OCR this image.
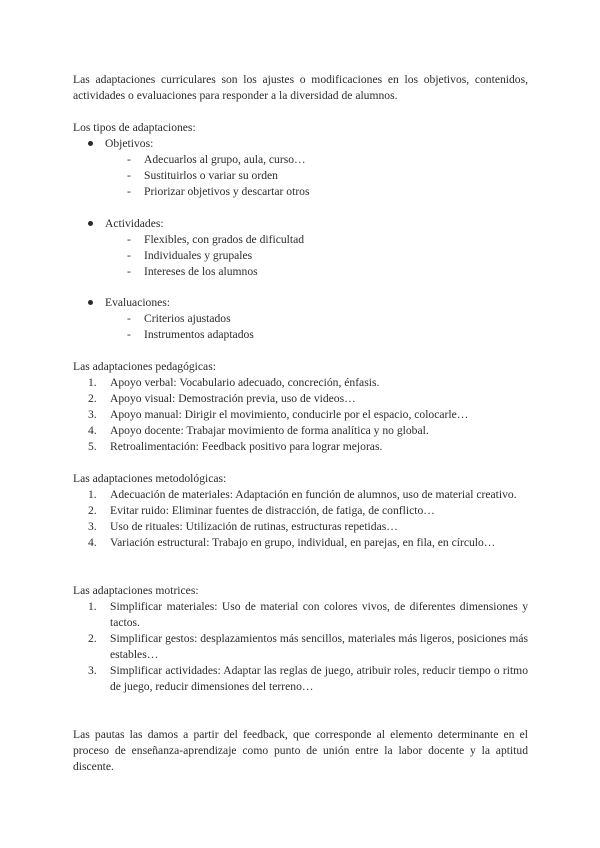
Las adaptaciones curriculares son los ajustes o modificaciones en los objetivos, contenidos, actividades o evaluaciones para responder a la diversidad de alumnos.

Los tipos de adaptaciones:

Objetivos:
- Adecuarlos al grupo, aula, curso…
- Sustituirlos o variar su orden
- Priorizar objetivos y descartar otros
Actividades:
- Flexibles, con grados de dificultad
- Individuales y grupales
- Intereses de los alumnos
Evaluaciones:
- Criterios ajustados
- Instrumentos adaptados

Las adaptaciones pedagógicas:

1. Apoyo verbal: Vocabulario adecuado, concreción, énfasis.
2. Apoyo visual: Demostración previa, uso de videos…
3. Apoyo manual: Dirigir el movimiento, conducirle por el espacio, colocarle…
4. Apoyo docente: Trabajar movimiento de forma analítica y no global.
5. Retroalimentación: Feedback positivo para lograr mejoras.

Las adaptaciones metodológicas:

1. Adecuación de materiales: Adaptación en función de alumnos, uso de material creativo.
2. Evitar ruido: Eliminar fuentes de distracción, de fatiga, de conflicto…
3. Uso de rituales: Utilización de rutinas, estructuras repetidas…
4. Variación estructural: Trabajo en grupo, individual, en parejas, en fila, en círculo…

Las adaptaciones motrices:

1. Simplificar materiales: Uso de material con colores vivos, de diferentes dimensiones y tactos.
2. Simplificar gestos: desplazamientos más sencillos, materiales más ligeros, posiciones más estables…
3. Simplificar actividades: Adaptar las reglas de juego, atribuir roles, reducir tiempo o ritmo de juego, reducir dimensiones del terreno…

Las pautas las damos a partir del feedback, que corresponde al elemento determinante en el proceso de enseñanza-aprendizaje como punto de unión entre la labor docente y la aptitud discente.
